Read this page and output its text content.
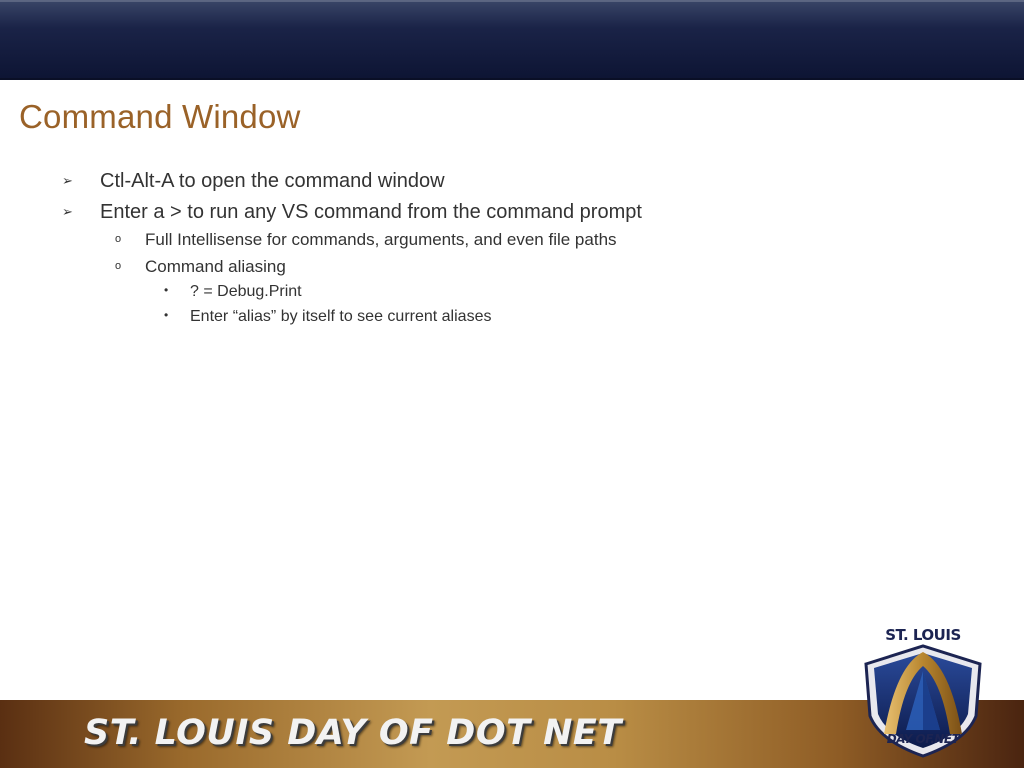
Command Window
➢ Ctl-Alt-A to open the command window
➢ Enter a > to run any VS command from the command prompt
o Full Intellisense for commands, arguments, and even file paths
o Command aliasing
• ? = Debug.Print
• Enter “alias” by itself to see current aliases
ST. LOUIS DAY OF DOT NET
ST. LOUIS
DAY OF.NET
